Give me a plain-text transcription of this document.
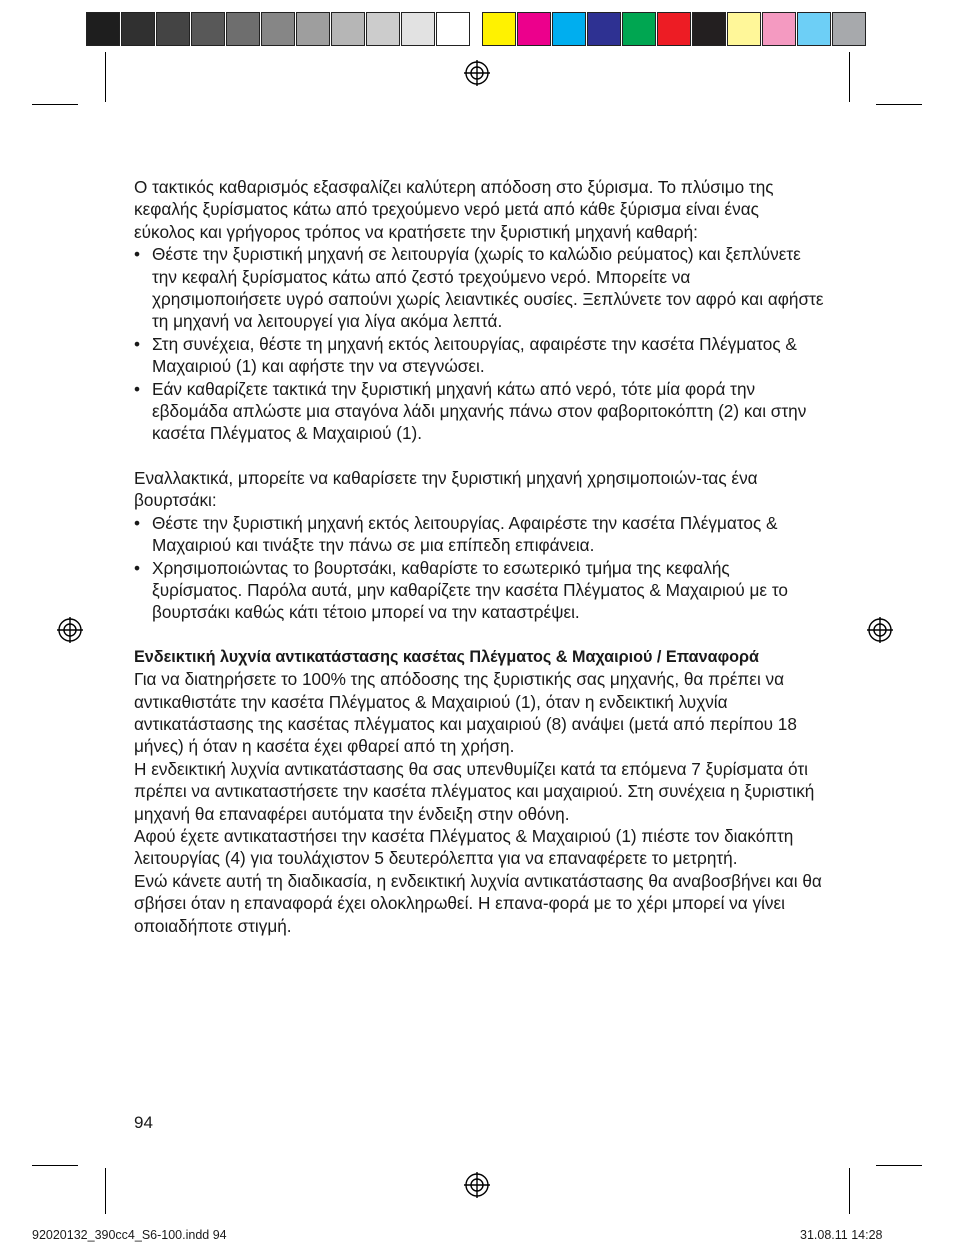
Ο τακτικός καθαρισμός εξασφαλίζει καλύτερη απόδοση στο ξύρισμα. Το πλύσιμο της κεφαλής ξυρίσματος κάτω από τρεχούμενο νερό μετά από κάθε ξύρισμα είναι ένας εύκολος και γρήγορος τρόπος να κρατήσετε την ξυριστική μηχανή καθαρή:

• Θέστε την ξυριστική μηχανή σε λειτουργία (χωρίς το καλώδιο ρεύματος) και ξεπλύνετε την κεφαλή ξυρίσματος κάτω από ζεστό τρεχούμενο νερό. Μπορείτε να χρησιμοποιήσετε υγρό σαπούνι χωρίς λειαντικές ουσίες. Ξεπλύνετε τον αφρό και αφήστε τη μηχανή να λειτουργεί για λίγα ακόμα λεπτά.
• Στη συνέχεια, θέστε τη μηχανή εκτός λειτουργίας, αφαιρέστε την κασέτα Πλέγματος & Μαχαιριού (1) και αφήστε την να στεγνώσει.
• Εάν καθαρίζετε τακτικά την ξυριστική μηχανή κάτω από νερό, τότε μία φορά την εβδομάδα απλώστε μια σταγόνα λάδι μηχανής πάνω στον φαβοριτοκόπτη (2) και στην κασέτα Πλέγματος & Μαχαιριού (1).

Εναλλακτικά, μπορείτε να καθαρίσετε την ξυριστική μηχανή χρησιμοποιών-τας ένα βουρτσάκι:

• Θέστε την ξυριστική μηχανή εκτός λειτουργίας. Αφαιρέστε την κασέτα Πλέγματος & Μαχαιριού και τινάξτε την πάνω σε μια επίπεδη επιφάνεια.
• Χρησιμοποιώντας το βουρτσάκι, καθαρίστε το εσωτερικό τμήμα της κεφαλής ξυρίσματος. Παρόλα αυτά, μην καθαρίζετε την κασέτα Πλέγματος & Μαχαιριού με το βουρτσάκι καθώς κάτι τέτοιο μπορεί να την καταστρέψει.

Ενδεικτική λυχνία αντικατάστασης κασέτας Πλέγματος & Μαχαιριού / Επαναφορά

Για να διατηρήσετε το 100% της απόδοσης της ξυριστικής σας μηχανής, θα πρέπει να αντικαθιστάτε την κασέτα Πλέγματος & Μαχαιριού (1), όταν η ενδεικτική λυχνία αντικατάστασης της κασέτας πλέγματος και μαχαιριού (8) ανάψει (μετά από περίπου 18 μήνες) ή όταν η κασέτα έχει φθαρεί από τη χρήση.

Η ενδεικτική λυχνία αντικατάστασης θα σας υπενθυμίζει κατά τα επόμενα 7 ξυρίσματα ότι πρέπει να αντικαταστήσετε την κασέτα πλέγματος και μαχαιριού. Στη συνέχεια η ξυριστική μηχανή θα επαναφέρει αυτόματα την ένδειξη στην οθόνη.

Αφού έχετε αντικαταστήσει την κασέτα Πλέγματος & Μαχαιριού (1) πιέστε τον διακόπτη λειτουργίας (4) για τουλάχιστον 5 δευτερόλεπτα για να επαναφέρετε το μετρητή.

Ενώ κάνετε αυτή τη διαδικασία, η ενδεικτική λυχνία αντικατάστασης θα αναβοσβήνει και θα σβήσει όταν η επαναφορά έχει ολοκληρωθεί. Η επανα-φορά με το χέρι μπορεί να γίνει οποιαδήποτε στιγμή.

94
92020132_390cc4_S6-100.indd 94	31.08.11 14:28
